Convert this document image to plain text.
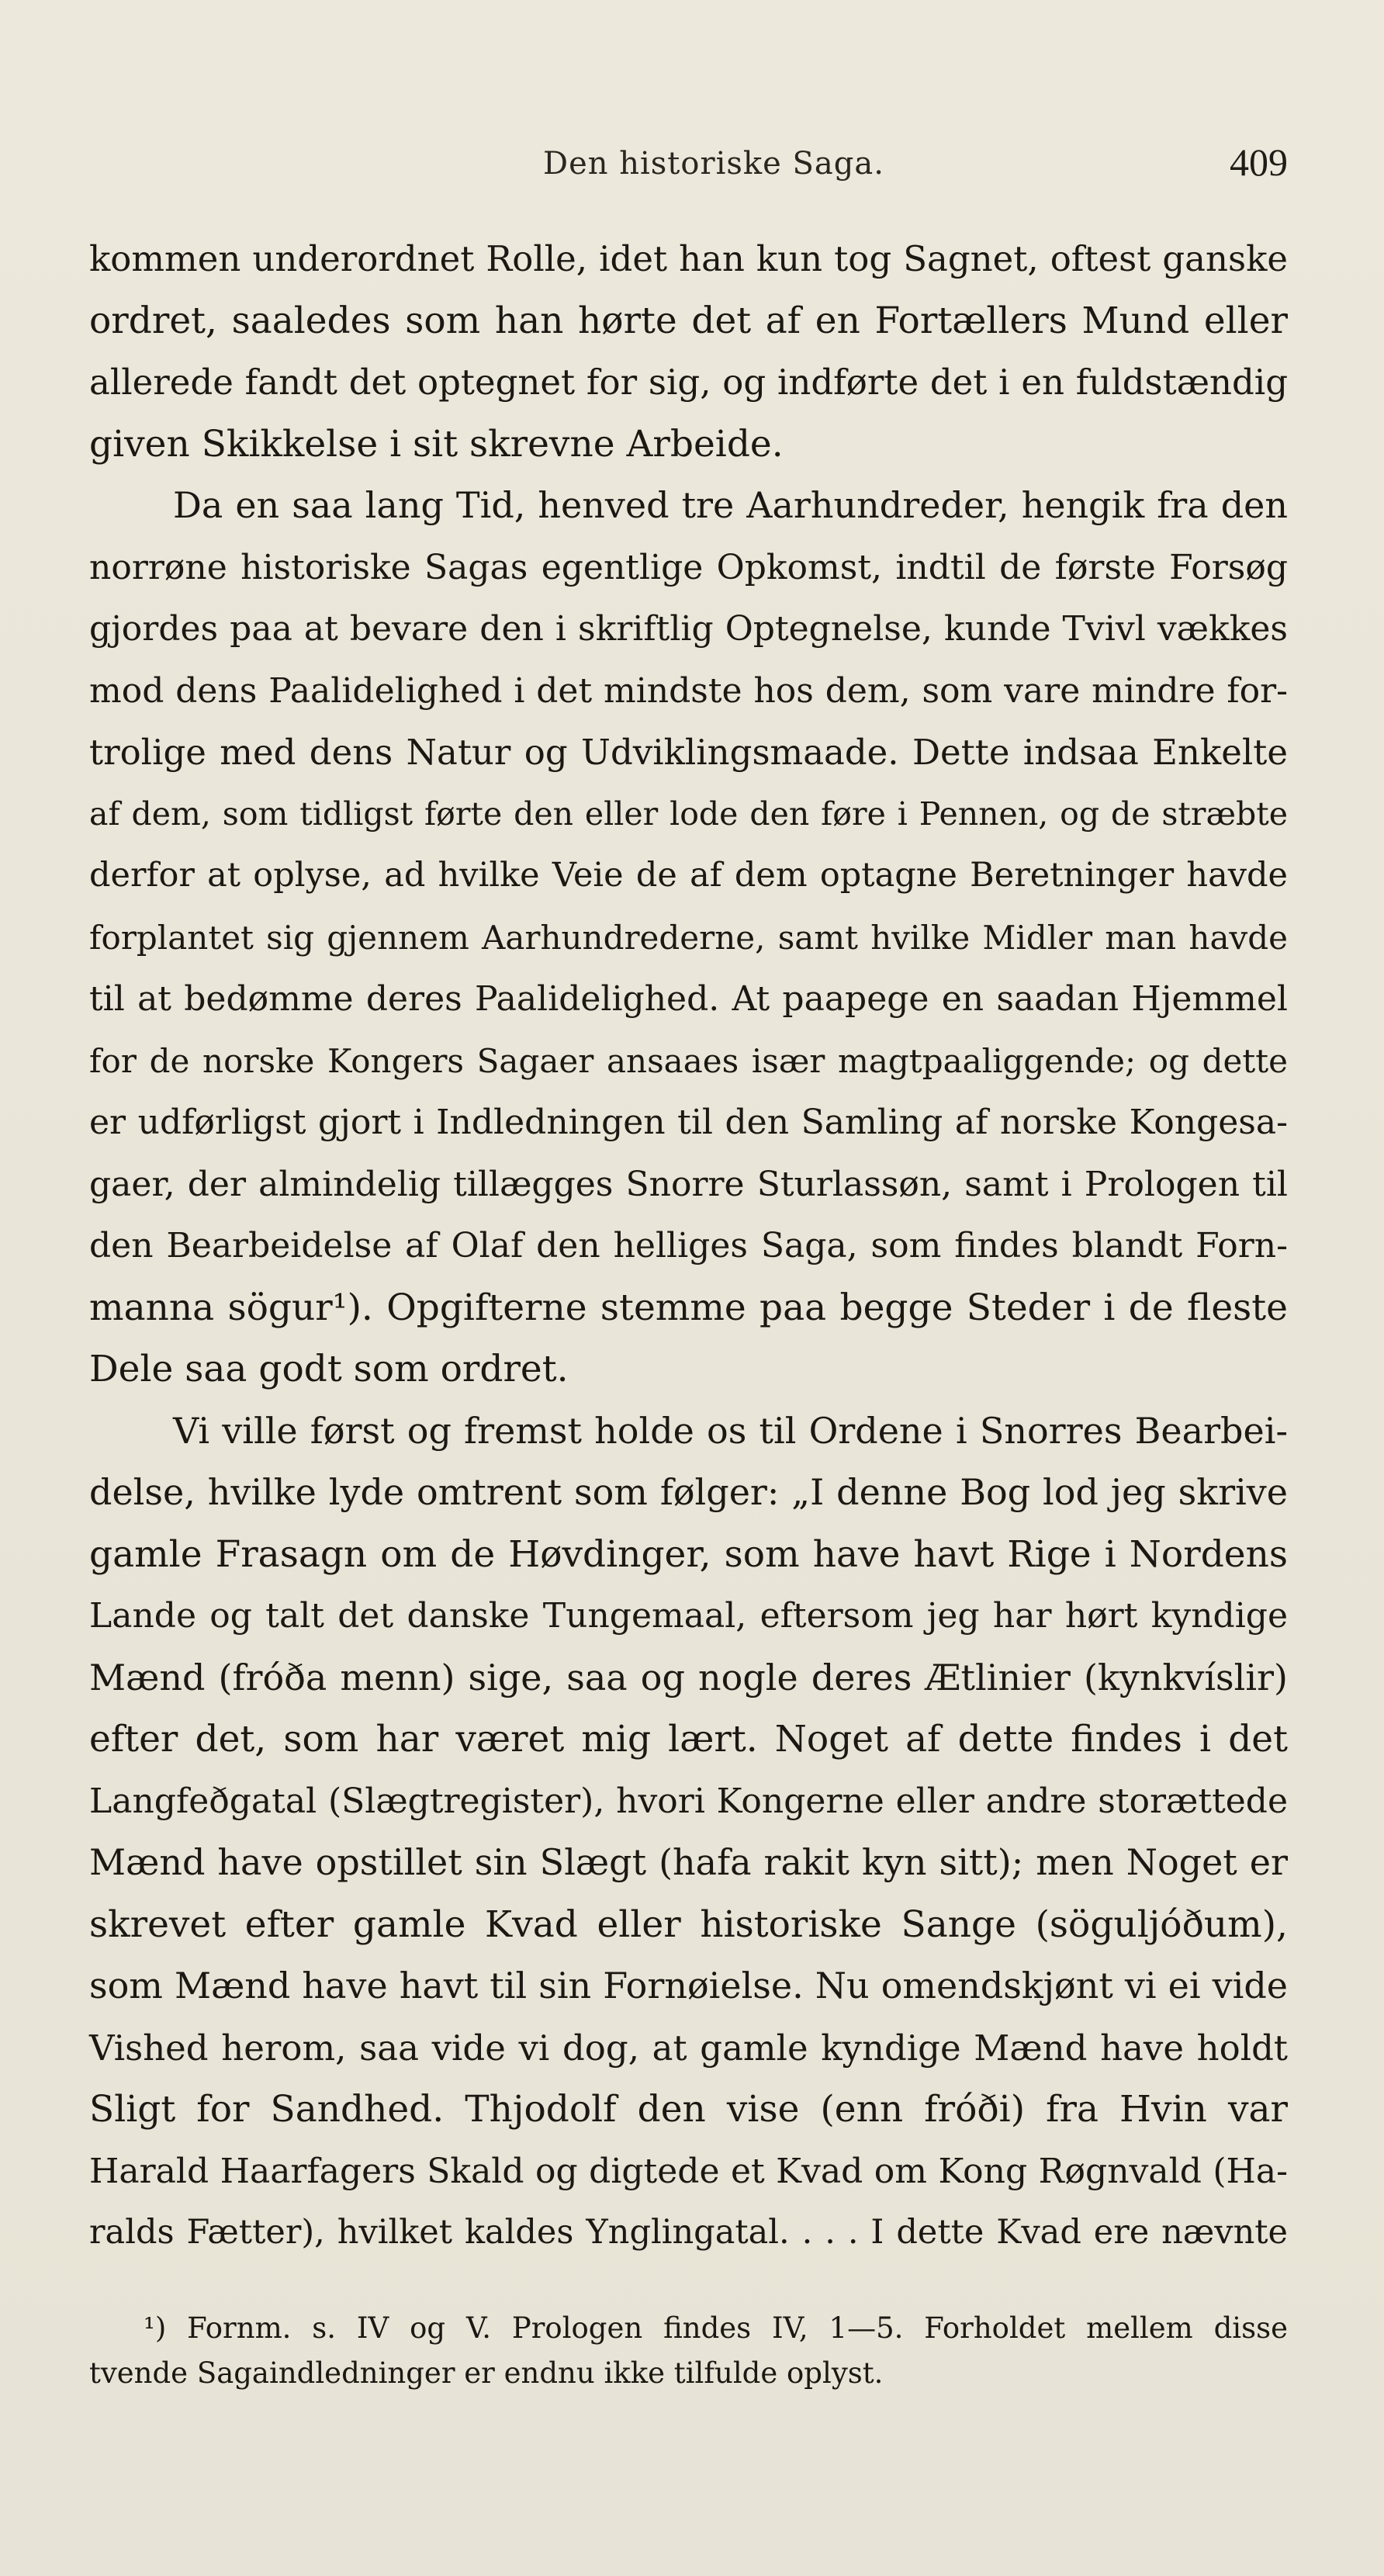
Den historiske Saga.	409
kommen underordnet Rolle, idet han kun tog Sagnet, oftest ganske
ordret, saaledes som han hørte det af en Fortællers Mund eller
allerede fandt det optegnet for sig, og indførte det i en fuldstændig
given Skikkelse i sit skrevne Arbeide.
Da en saa lang Tid, henved tre Aarhundreder, hengik fra den
norrøne historiske Sagas egentlige Opkomst, indtil de første Forsøg
gjordes paa at bevare den i skriftlig Optegnelse, kunde Tvivl vækkes
mod dens Paalidelighed i det mindste hos dem, som vare mindre for-
trolige med dens Natur og Udviklingsmaade. Dette indsaa Enkelte
af dem, som tidligst førte den eller lode den føre i Pennen, og de stræbte
derfor at oplyse, ad hvilke Veie de af dem optagne Beretninger havde
forplantet sig gjennem Aarhundrederne, samt hvilke Midler man havde
til at bedømme deres Paalidelighed. At paapege en saadan Hjemmel
for de norske Kongers Sagaer ansaaes især magtpaaliggende; og dette
er udførligst gjort i Indledningen til den Samling af norske Kongesa-
gaer, der almindelig tillægges Snorre Sturlassøn, samt i Prologen til
den Bearbeidelse af Olaf den helliges Saga, som findes blandt Forn-
manna sögur¹). Opgifterne stemme paa begge Steder i de fleste
Dele saa godt som ordret.
Vi ville først og fremst holde os til Ordene i Snorres Bearbei-
delse, hvilke lyde omtrent som følger: „I denne Bog lod jeg skrive
gamle Frasagn om de Høvdinger, som have havt Rige i Nordens
Lande og talt det danske Tungemaal, eftersom jeg har hørt kyndige
Mænd (fróða menn) sige, saa og nogle deres Ætlinier (kynkvíslir)
efter det, som har været mig lært. Noget af dette findes i det
Langfeðgatal (Slægtregister), hvori Kongerne eller andre storættede
Mænd have opstillet sin Slægt (hafa rakit kyn sitt); men Noget er
skrevet efter gamle Kvad eller historiske Sange (söguljóðum),
som Mænd have havt til sin Fornøielse. Nu omendskjønt vi ei vide
Vished herom, saa vide vi dog, at gamle kyndige Mænd have holdt
Sligt for Sandhed. Thjodolf den vise (enn fróði) fra Hvin var
Harald Haarfagers Skald og digtede et Kvad om Kong Røgnvald (Ha-
ralds Fætter), hvilket kaldes Ynglingatal. . . . I dette Kvad ere nævnte
¹) Fornm. s. IV og V. Prologen findes IV, 1—5. Forholdet mellem disse
tvende Sagaindledninger er endnu ikke tilfulde oplyst.
